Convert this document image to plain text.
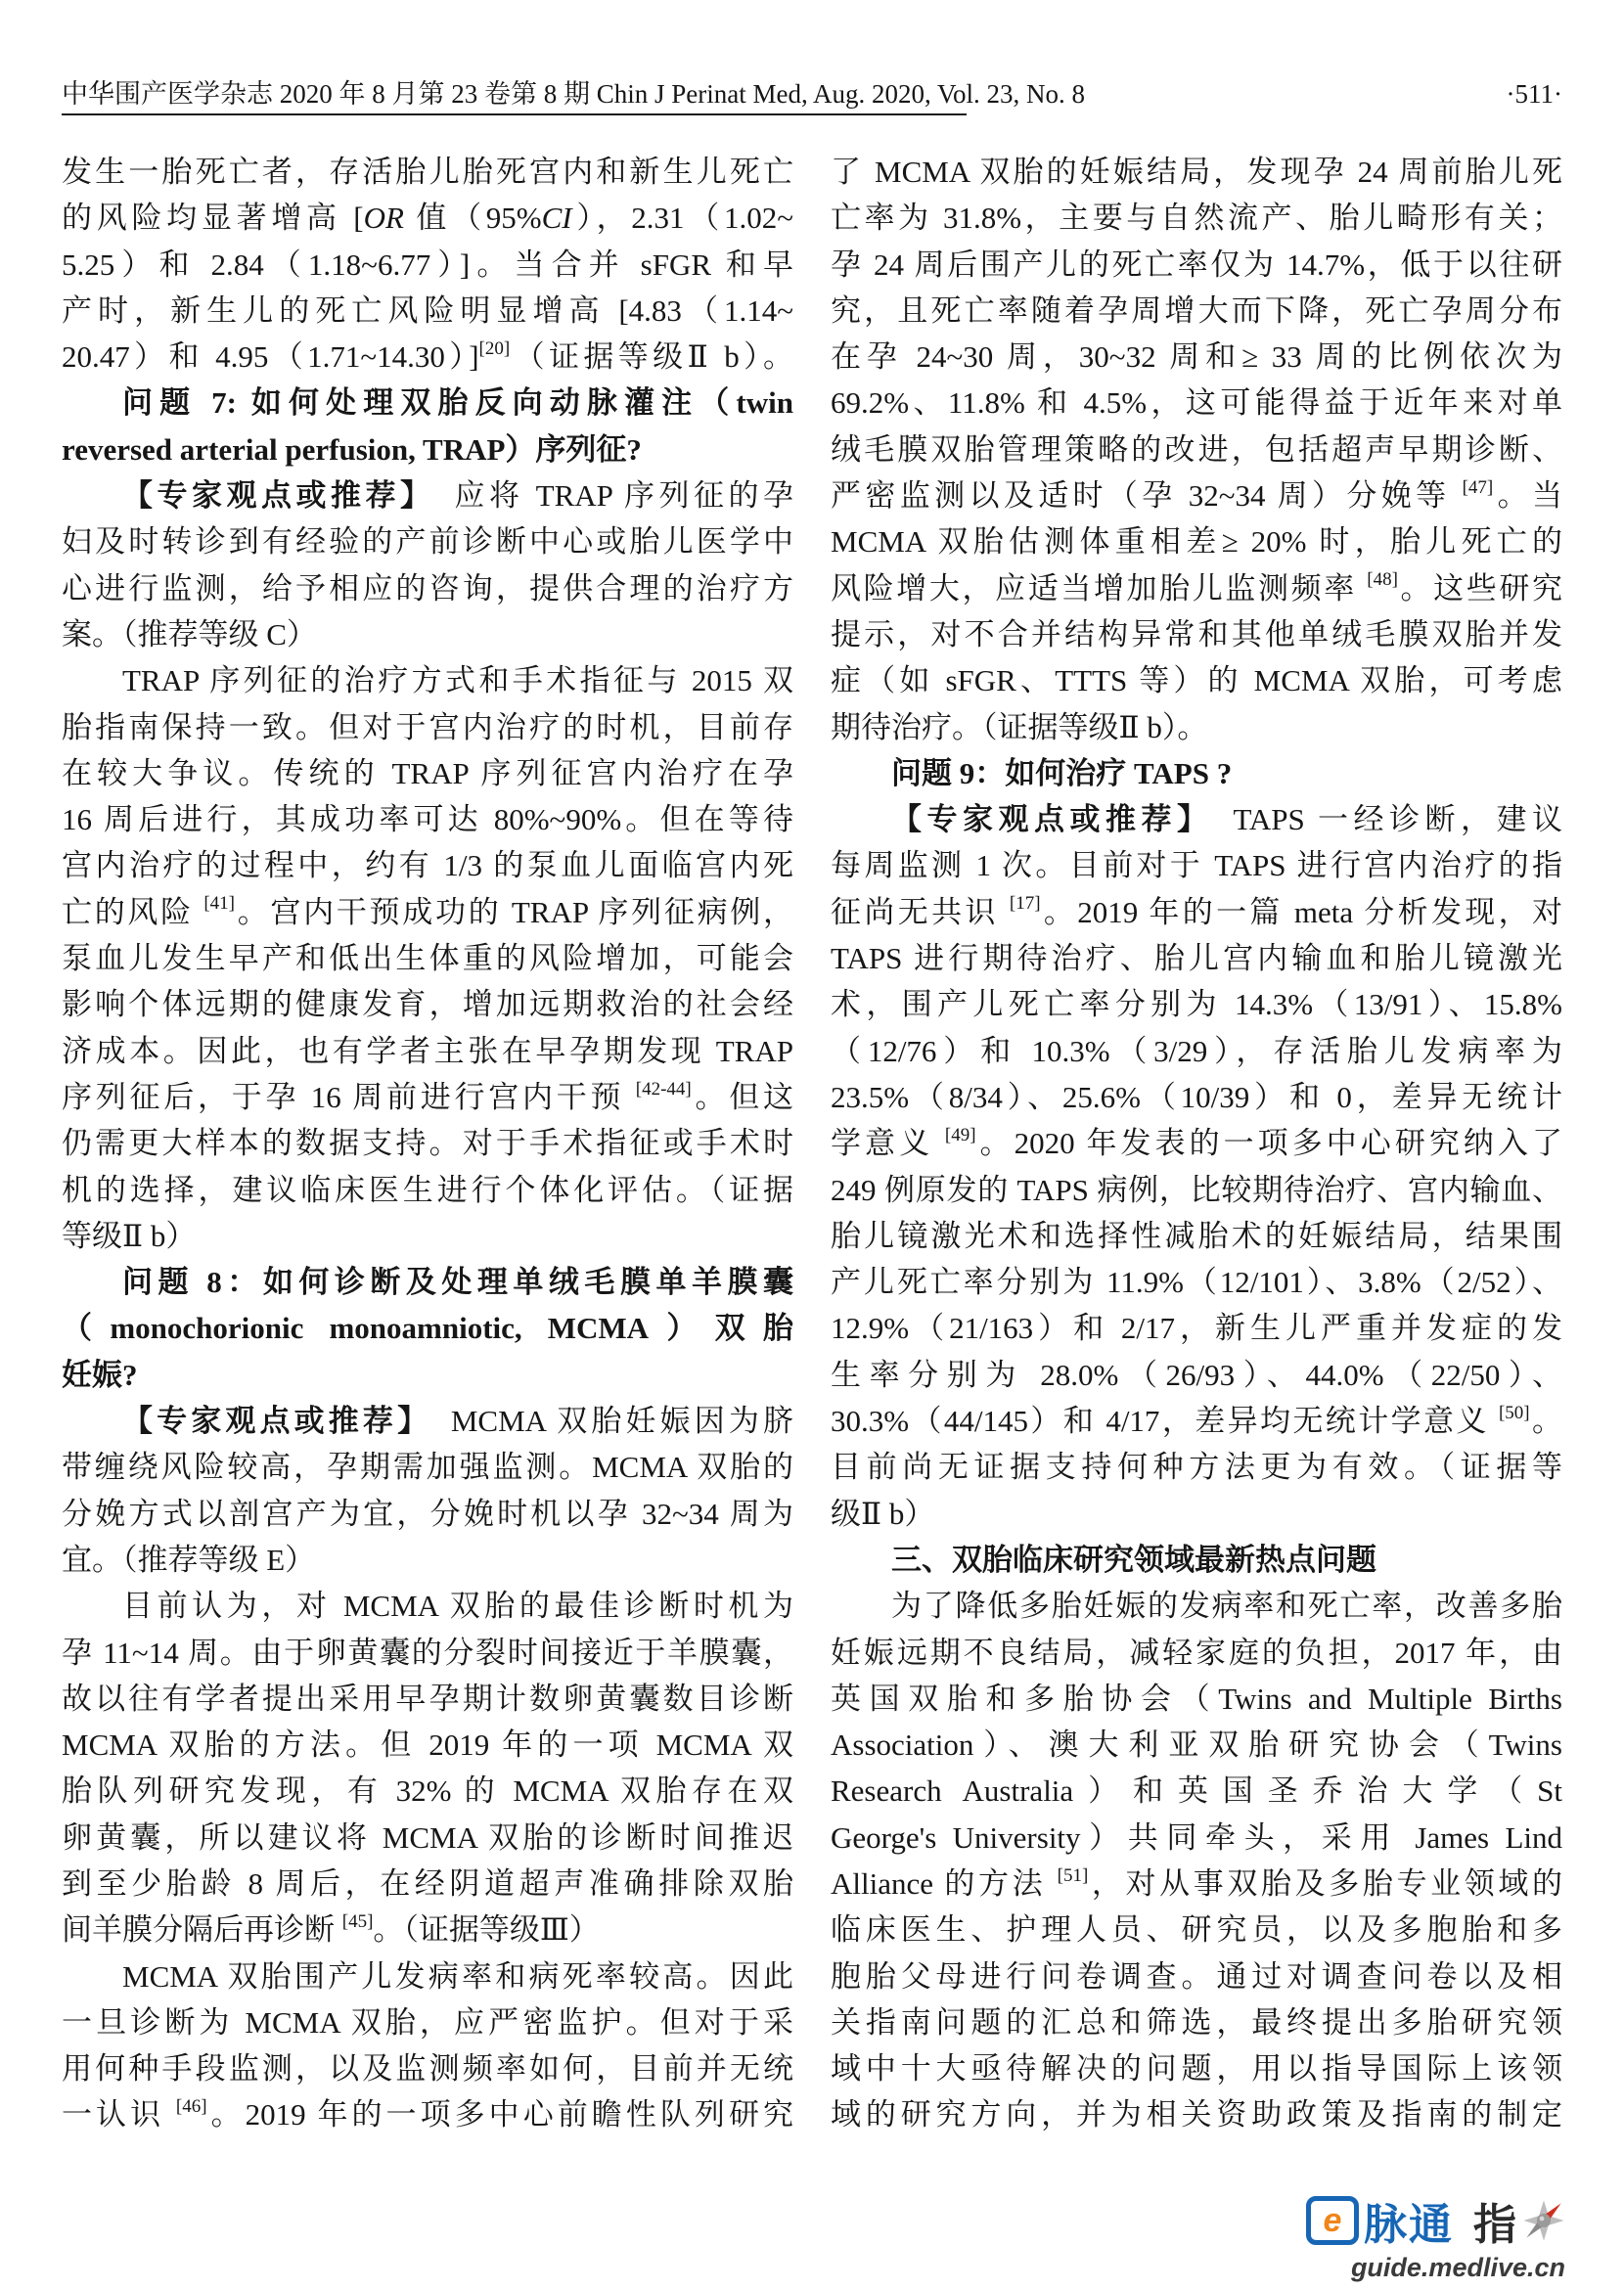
中华围产医学杂志 2020 年 8 月第 23 卷第 8 期 Chin J Perinat Med, Aug. 2020, Vol. 23, No. 8	·511·
发生一胎死亡者，存活胎儿胎死宫内和新生儿死亡
的风险均显著增高 [OR 值（95%CI），2.31（1.02~
5.25）和 2.84（1.18~6.77）]。当合并 sFGR 和早
产时，新生儿的死亡风险明显增高 [4.83（1.14~
20.47）和 4.95（1.71~14.30）][20]（证据等级Ⅱ b）。
问题 7: 如何处理双胎反向动脉灌注（twin
reversed arterial perfusion, TRAP）序列征?
【专家观点或推荐】　应将 TRAP 序列征的孕
妇及时转诊到有经验的产前诊断中心或胎儿医学中
心进行监测，给予相应的咨询，提供合理的治疗方
案。（推荐等级 C）
TRAP 序列征的治疗方式和手术指征与 2015 双
胎指南保持一致。但对于宫内治疗的时机，目前存
在较大争议。传统的 TRAP 序列征宫内治疗在孕
16 周后进行，其成功率可达 80%~90%。但在等待
宫内治疗的过程中，约有 1/3 的泵血儿面临宫内死
亡的风险 [41]。宫内干预成功的 TRAP 序列征病例，
泵血儿发生早产和低出生体重的风险增加，可能会
影响个体远期的健康发育，增加远期救治的社会经
济成本。因此，也有学者主张在早孕期发现 TRAP
序列征后，于孕 16 周前进行宫内干预 [42-44]。但这
仍需更大样本的数据支持。对于手术指征或手术时
机的选择，建议临床医生进行个体化评估。（证据
等级Ⅱ b）
问题 8：如何诊断及处理单绒毛膜单羊膜囊
（monochorionic monoamniotic, MCMA）双胎
妊娠?
【专家观点或推荐】　MCMA 双胎妊娠因为脐
带缠绕风险较高，孕期需加强监测。MCMA 双胎的
分娩方式以剖宫产为宜，分娩时机以孕 32~34 周为
宜。（推荐等级 E）
目前认为，对 MCMA 双胎的最佳诊断时机为
孕 11~14 周。由于卵黄囊的分裂时间接近于羊膜囊，
故以往有学者提出采用早孕期计数卵黄囊数目诊断
MCMA 双胎的方法。但 2019 年的一项 MCMA 双
胎队列研究发现，有 32% 的 MCMA 双胎存在双
卵黄囊，所以建议将 MCMA 双胎的诊断时间推迟
到至少胎龄 8 周后，在经阴道超声准确排除双胎
间羊膜分隔后再诊断 [45]。（证据等级Ⅲ）
MCMA 双胎围产儿发病率和病死率较高。因此
一旦诊断为 MCMA 双胎，应严密监护。但对于采
用何种手段监测，以及监测频率如何，目前并无统
一认识 [46]。2019 年的一项多中心前瞻性队列研究
了 MCMA 双胎的妊娠结局，发现孕 24 周前胎儿死
亡率为 31.8%，主要与自然流产、胎儿畸形有关；
孕 24 周后围产儿的死亡率仅为 14.7%，低于以往研
究，且死亡率随着孕周增大而下降，死亡孕周分布
在孕 24~30 周，30~32 周和≥ 33 周的比例依次为
69.2%、11.8% 和 4.5%，这可能得益于近年来对单
绒毛膜双胎管理策略的改进，包括超声早期诊断、
严密监测以及适时（孕 32~34 周）分娩等 [47]。当
MCMA 双胎估测体重相差≥ 20% 时，胎儿死亡的
风险增大，应适当增加胎儿监测频率 [48]。这些研究
提示，对不合并结构异常和其他单绒毛膜双胎并发
症（如 sFGR、TTTS 等）的 MCMA 双胎，可考虑
期待治疗。（证据等级Ⅱ b）。
问题 9：如何治疗 TAPS ?
【专家观点或推荐】　TAPS 一经诊断，建议
每周监测 1 次。目前对于 TAPS 进行宫内治疗的指
征尚无共识 [17]。2019 年的一篇 meta 分析发现，对
TAPS 进行期待治疗、胎儿宫内输血和胎儿镜激光
术，围产儿死亡率分别为 14.3%（13/91）、15.8%
（12/76）和 10.3%（3/29），存活胎儿发病率为
23.5%（8/34）、25.6%（10/39）和 0，差异无统计
学意义 [49]。2020 年发表的一项多中心研究纳入了
249 例原发的 TAPS 病例，比较期待治疗、宫内输血、
胎儿镜激光术和选择性减胎术的妊娠结局，结果围
产儿死亡率分别为 11.9%（12/101）、3.8%（2/52）、
12.9%（21/163）和 2/17，新生儿严重并发症的发
生率分别为 28.0%（26/93）、44.0%（22/50）、
30.3%（44/145）和 4/17，差异均无统计学意义 [50]。
目前尚无证据支持何种方法更为有效。（证据等
级Ⅱ b）
三、双胎临床研究领域最新热点问题
为了降低多胎妊娠的发病率和死亡率，改善多胎
妊娠远期不良结局，减轻家庭的负担，2017 年，由
英国双胎和多胎协会（Twins and Multiple Births
Association）、澳大利亚双胎研究协会（Twins
Research Australia）和英国圣乔治大学（St
George's University）共同牵头，采用 James Lind
Alliance 的方法 [51]，对从事双胎及多胎专业领域的
临床医生、护理人员、研究员，以及多胞胎和多
胞胎父母进行问卷调查。通过对调查问卷以及相
关指南问题的汇总和筛选，最终提出多胎研究领
域中十大亟待解决的问题，用以指导国际上该领
域的研究方向，并为相关资助政策及指南的制定
e 脉通 指
guide.medlive.cn
